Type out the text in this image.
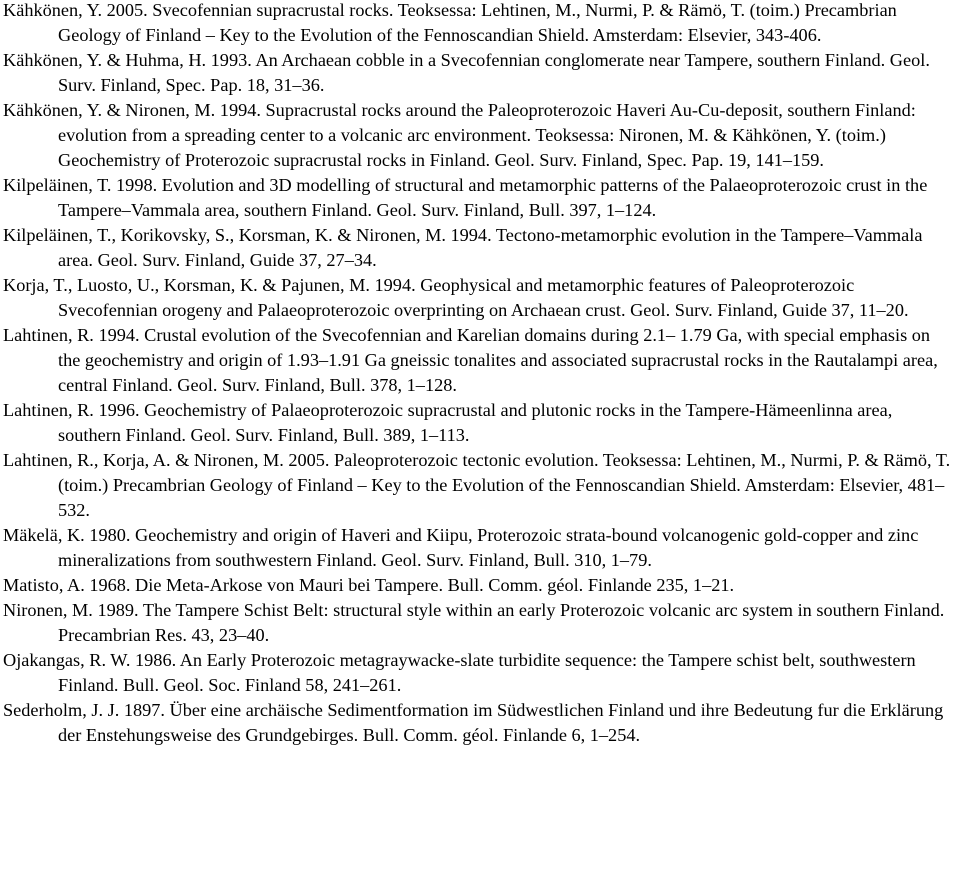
Kähkönen, Y. 2005. Svecofennian supracrustal rocks. Teoksessa: Lehtinen, M., Nurmi, P. & Rämö, T. (toim.) Precambrian Geology of Finland – Key to the Evolution of the Fennoscandian Shield. Amsterdam: Elsevier, 343-406.

Kähkönen, Y. & Huhma, H. 1993. An Archaean cobble in a Svecofennian conglomerate near Tampere, southern Finland. Geol. Surv. Finland, Spec. Pap. 18, 31–36.

Kähkönen, Y. & Nironen, M. 1994. Supracrustal rocks around the Paleoproterozoic Haveri Au-Cu-deposit, southern Finland: evolution from a spreading center to a volcanic arc environment. Teoksessa: Nironen, M. & Kähkönen, Y. (toim.) Geochemistry of Proterozoic supracrustal rocks in Finland. Geol. Surv. Finland, Spec. Pap. 19, 141–159.

Kilpeläinen, T. 1998. Evolution and 3D modelling of structural and metamorphic patterns of the Palaeoproterozoic crust in the Tampere–Vammala area, southern Finland. Geol. Surv. Finland, Bull. 397, 1–124.

Kilpeläinen, T., Korikovsky, S., Korsman, K. & Nironen, M. 1994. Tectono-metamorphic evolution in the Tampere–Vammala area. Geol. Surv. Finland, Guide 37, 27–34.

Korja, T., Luosto, U., Korsman, K. & Pajunen, M. 1994. Geophysical and metamorphic features of Paleoproterozoic Svecofennian orogeny and Palaeoproterozoic overprinting on Archaean crust. Geol. Surv. Finland, Guide 37, 11–20.

Lahtinen, R. 1994. Crustal evolution of the Svecofennian and Karelian domains during 2.1– 1.79 Ga, with special emphasis on the geochemistry and origin of 1.93–1.91 Ga gneissic tonalites and associated supracrustal rocks in the Rautalampi area, central Finland. Geol. Surv. Finland, Bull. 378, 1–128.

Lahtinen, R. 1996. Geochemistry of Palaeoproterozoic supracrustal and plutonic rocks in the Tampere-Hämeenlinna area, southern Finland. Geol. Surv. Finland, Bull. 389, 1–113.

Lahtinen, R., Korja, A. & Nironen, M. 2005. Paleoproterozoic tectonic evolution. Teoksessa: Lehtinen, M., Nurmi, P. & Rämö, T. (toim.) Precambrian Geology of Finland – Key to the Evolution of the Fennoscandian Shield. Amsterdam: Elsevier, 481–532.

Mäkelä, K. 1980. Geochemistry and origin of Haveri and Kiipu, Proterozoic strata-bound volcanogenic gold-copper and zinc mineralizations from southwestern Finland. Geol. Surv. Finland, Bull. 310, 1–79.

Matisto, A. 1968. Die Meta-Arkose von Mauri bei Tampere. Bull. Comm. géol. Finlande 235, 1–21.

Nironen, M. 1989. The Tampere Schist Belt: structural style within an early Proterozoic volcanic arc system in southern Finland. Precambrian Res. 43, 23–40.

Ojakangas, R. W. 1986. An Early Proterozoic metagraywacke-slate turbidite sequence: the Tampere schist belt, southwestern Finland. Bull. Geol. Soc. Finland 58, 241–261.

Sederholm, J. J. 1897. Über eine archäische Sedimentformation im Südwestlichen Finland und ihre Bedeutung fur die Erklärung der Enstehungsweise des Grundgebirges. Bull. Comm. géol. Finlande 6, 1–254.
